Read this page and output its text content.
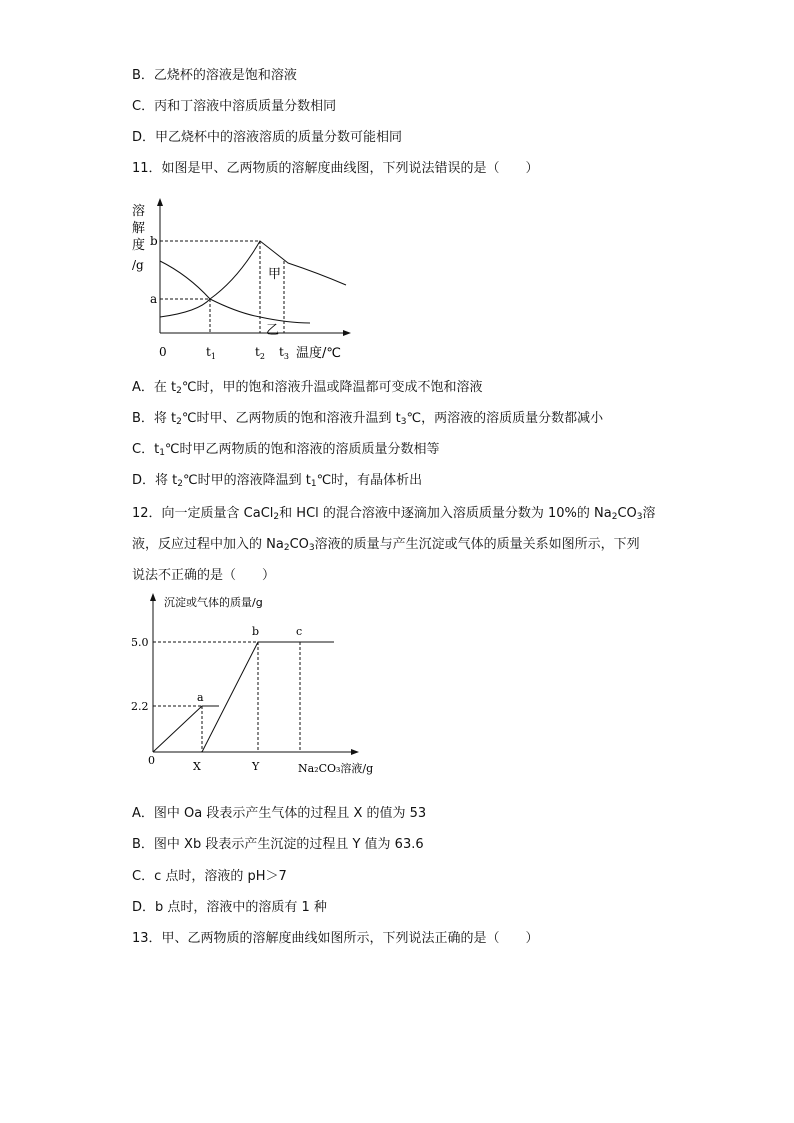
B．乙烧杯的溶液是饱和溶液
C．丙和丁溶液中溶质质量分数相同
D．甲乙烧杯中的溶液溶质的质量分数可能相同
11．如图是甲、乙两物质的溶解度曲线图，下列说法错误的是（　　）
溶
解
度
/g
b
a
0	$t_1$	$t_2$ $t_3$ 温度/℃
甲
乙
A．在 $t_2℃$时，甲的饱和溶液升温或降温都可变成不饱和溶液
B．将 $t_2℃$时甲、乙两物质的饱和溶液升温到 $t_3℃$，两溶液的溶质质量分数都减小
C．$t_1℃$时甲乙两物质的饱和溶液的溶质质量分数相等
D．将 $t_2℃$时甲的溶液降温到 $t_1℃$时，有晶体析出
12．向一定质量含 CaCl$_2$和 HCl 的混合溶液中逐滴加入溶质质量分数为 10%的 $Na_2CO_3$溶
液，反应过程中加入的 $Na_2CO_3$溶液的质量与产生沉淀或气体的质量关系如图所示，下列
说法不正确的是（　　）
沉淀或气体的质量/g
5.0
2.2
0	X	Y	Na₂CO₃溶液/g
a
b	c
A．图中 Oa 段表示产生气体的过程且 X 的值为 53
B．图中 Xb 段表示产生沉淀的过程且 Y 值为 63.6
C．c 点时，溶液的 pH＞7
D．b 点时，溶液中的溶质有 1 种
13．甲、乙两物质的溶解度曲线如图所示，下列说法正确的是（　　）
